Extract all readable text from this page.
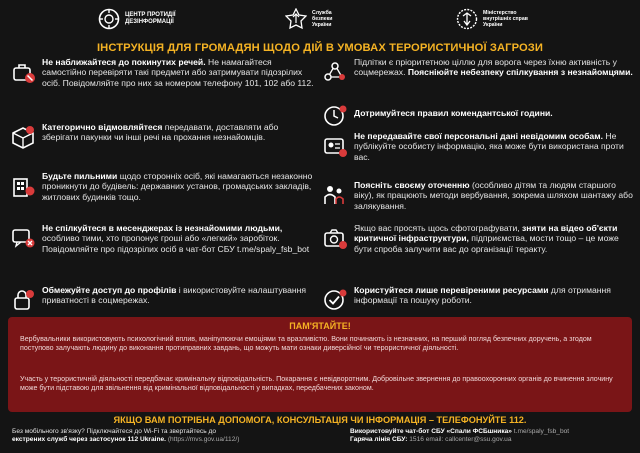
ЦЕНТР ПРОТИДІЇ
ДЕЗІНФОРМАЦІЇ
Служба
безпеки
України
Міністерство
внутрішніх справ
України
ІНСТРУКЦІЯ ДЛЯ ГРОМАДЯН ЩОДО ДІЙ В УМОВАХ ТЕРОРИСТИЧНОЇ ЗАГРОЗИ
Не наближайтеся до покинутих речей. Не намагайтеся самостійно перевіряти такі предмети або затримувати підозрілих осіб. Повідомляйте про них за номером телефону 101, 102 або 112.
Категорично відмовляйтеся передавати, доставляти або зберігати пакунки чи інші речі на прохання незнайомців.
Будьте пильними щодо сторонніх осіб, які намагаються незаконно проникнути до будівель: державних установ, громадських закладів, житлових будинків тощо.
Не спілкуйтеся в месенджерах із незнайомими людьми, особливо тими, хто пропонує гроші або «легкий» заробіток. Повідомляйте про підозрілих осіб в чат-бот СБУ t.me/spaly_fsb_bot
Обмежуйте доступ до профілів і використовуйте налаштування приватності в соцмережах.
Підлітки є пріоритетною ціллю для ворога через їхню активність у соцмережах. Поясніюйте небезпеку спілкування з незнайомцями.
Дотримуйтеся правил комендантської години.
Не передавайте свої персональні дані невідомим особам. Не публікуйте особисту інформацію, яка може бути використана проти вас.
Поясніть своєму оточенню (особливо дітям та людям старшого віку), як працюють методи вербування, зокрема шляхом шантажу або залякування.
Якщо вас просять щось сфотографувати, зняти на відео об'єкти критичної інфраструктури, підприємства, мости тощо – це може бути спроба залучити вас до організації теракту.
Користуйтеся лише перевіреними ресурсами для отримання інформації та пошуку роботи.
ПАМ'ЯТАЙТЕ!
Вербувальники використовують психологічний вплив, маніпулюючи емоціями та вразливістю. Вони починають із незначних, на перший погляд безпечних доручень, а згодом поступово залучають людину до виконання протиправних завдань, що можуть мати ознаки диверсійної чи терористичної діяльності.
Участь у терористичній діяльності передбачає кримінальну відповідальність. Покарання є невідворотним. Добровільне звернення до правоохоронних органів до вчинення злочину може бути підставою для звільнення від кримінальної відповідальності у випадках, передбачених законом.
ЯКЩО ВАМ ПОТРІБНА ДОПОМОГА, КОНСУЛЬТАЦІЯ ЧИ ІНФОРМАЦІЯ – ТЕЛЕФОНУЙТЕ 112.
Без мобільного зв'язку? Підключайтеся до Wi-Fi та звертайтесь до
екстрених служб через застосунок 112 Ukraine. (https://mvs.gov.ua/112/)
Використовуйте чат-бот СБУ «Спали ФСБшника» t.me/spaly_fsb_bot
Гаряча лінія СБУ: 1516 email: callcenter@ssu.gov.ua
